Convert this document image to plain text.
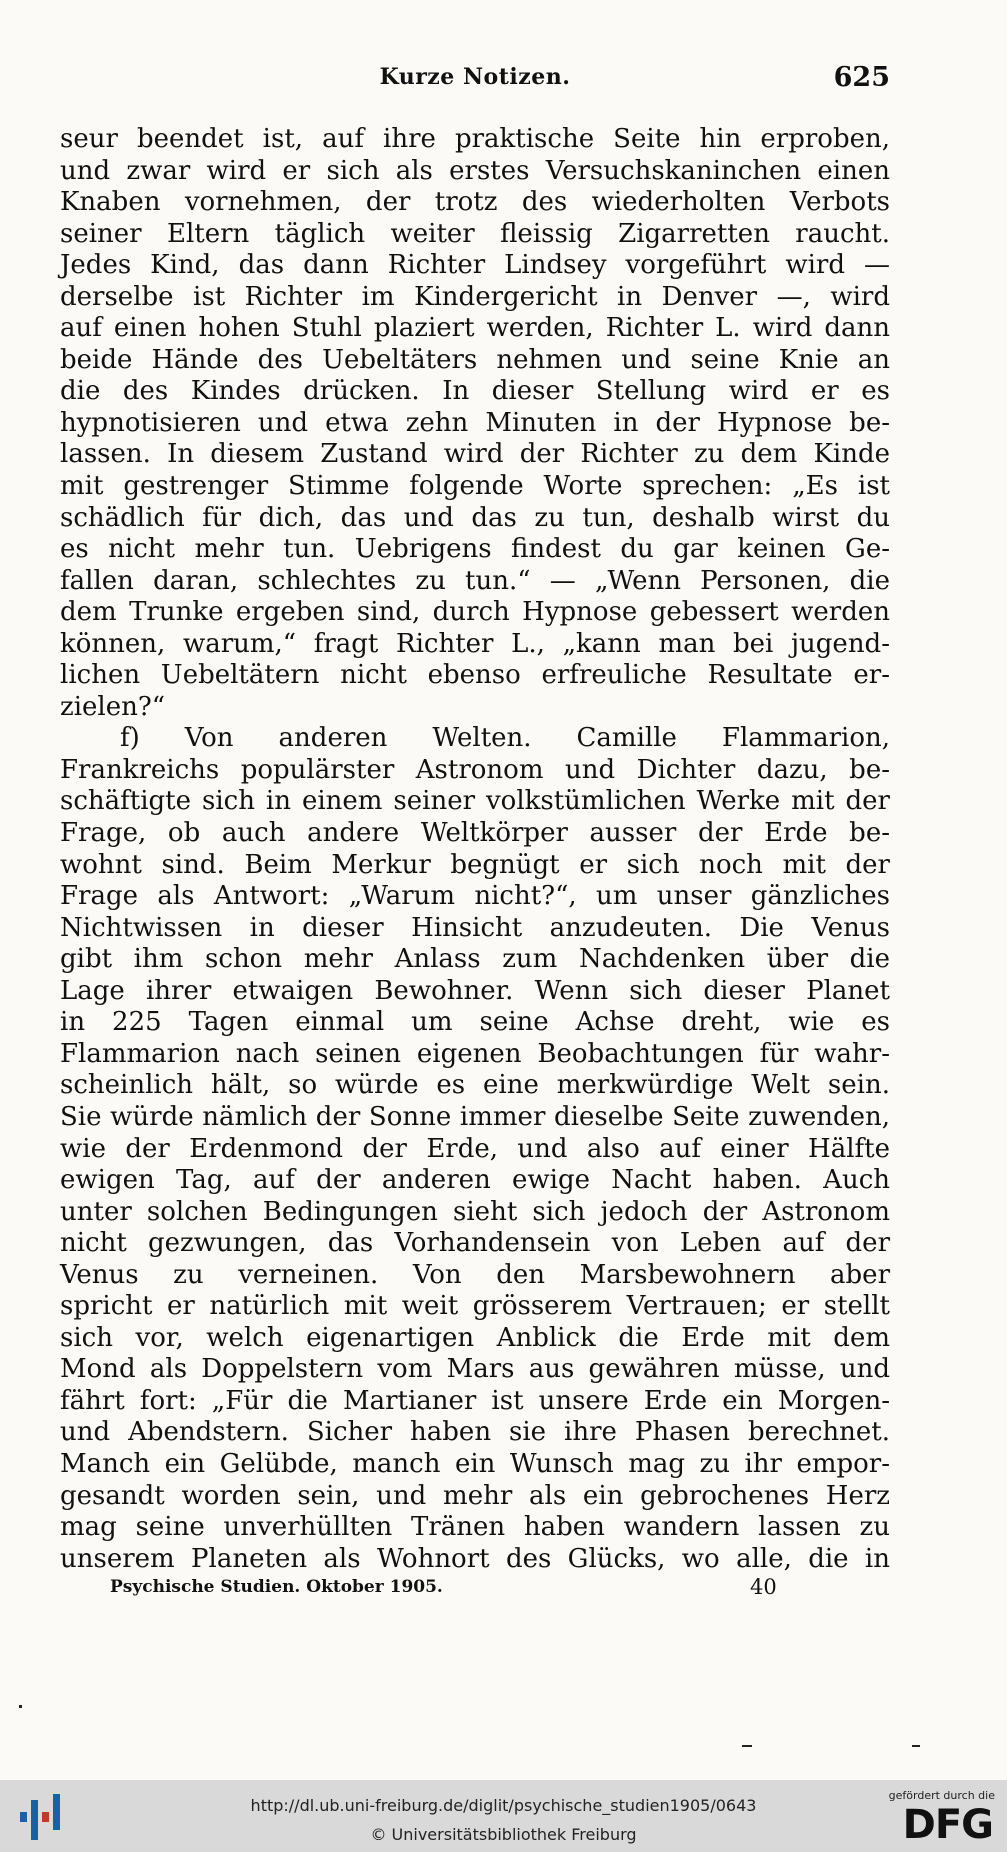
Kurze Notizen.	625
seur beendet ist, auf ihre praktische Seite hin erproben,
und zwar wird er sich als erstes Versuchskaninchen einen
Knaben vornehmen, der trotz des wiederholten Verbots
seiner Eltern täglich weiter fleissig Zigarretten raucht.
Jedes Kind, das dann Richter Lindsey vorgeführt wird —
derselbe ist Richter im Kindergericht in Denver —, wird
auf einen hohen Stuhl plaziert werden, Richter L. wird dann
beide Hände des Uebeltäters nehmen und seine Knie an
die des Kindes drücken. In dieser Stellung wird er es
hypnotisieren und etwa zehn Minuten in der Hypnose be-
lassen. In diesem Zustand wird der Richter zu dem Kinde
mit gestrenger Stimme folgende Worte sprechen: „Es ist
schädlich für dich, das und das zu tun, deshalb wirst du
es nicht mehr tun. Uebrigens findest du gar keinen Ge-
fallen daran, schlechtes zu tun.“ — „Wenn Personen, die
dem Trunke ergeben sind, durch Hypnose gebessert werden
können, warum,“ fragt Richter L., „kann man bei jugend-
lichen Uebeltätern nicht ebenso erfreuliche Resultate er-
zielen?“
f) Von anderen Welten. Camille Flammarion,
Frankreichs populärster Astronom und Dichter dazu, be-
schäftigte sich in einem seiner volkstümlichen Werke mit der
Frage, ob auch andere Weltkörper ausser der Erde be-
wohnt sind. Beim Merkur begnügt er sich noch mit der
Frage als Antwort: „Warum nicht?“, um unser gänzliches
Nichtwissen in dieser Hinsicht anzudeuten. Die Venus
gibt ihm schon mehr Anlass zum Nachdenken über die
Lage ihrer etwaigen Bewohner. Wenn sich dieser Planet
in 225 Tagen einmal um seine Achse dreht, wie es
Flammarion nach seinen eigenen Beobachtungen für wahr-
scheinlich hält, so würde es eine merkwürdige Welt sein.
Sie würde nämlich der Sonne immer dieselbe Seite zuwenden,
wie der Erdenmond der Erde, und also auf einer Hälfte
ewigen Tag, auf der anderen ewige Nacht haben. Auch
unter solchen Bedingungen sieht sich jedoch der Astronom
nicht gezwungen, das Vorhandensein von Leben auf der
Venus zu verneinen. Von den Marsbewohnern aber
spricht er natürlich mit weit grösserem Vertrauen; er stellt
sich vor, welch eigenartigen Anblick die Erde mit dem
Mond als Doppelstern vom Mars aus gewähren müsse, und
fährt fort: „Für die Martianer ist unsere Erde ein Morgen-
und Abendstern. Sicher haben sie ihre Phasen berechnet.
Manch ein Gelübde, manch ein Wunsch mag zu ihr empor-
gesandt worden sein, und mehr als ein gebrochenes Herz
mag seine unverhüllten Tränen haben wandern lassen zu
unserem Planeten als Wohnort des Glücks, wo alle, die in
Psychische Studien. Oktober 1905.	40
http://dl.ub.uni-freiburg.de/diglit/psychische_studien1905/0643
© Universitätsbibliothek Freiburg
gefördert durch die
DFG
